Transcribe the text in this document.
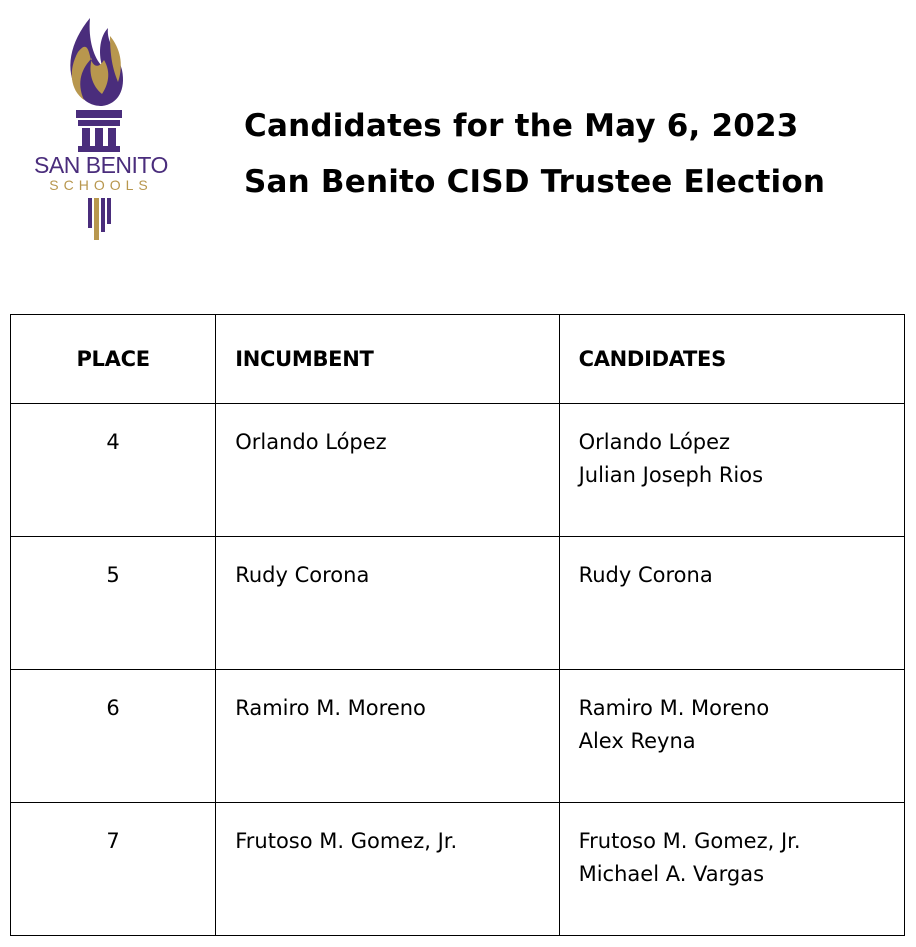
SAN BENITO
SCHOOLS
Candidates for the May 6, 2023
San Benito CISD Trustee Election
PLACE	INCUMBENT	CANDIDATES

4	Orlando López	Orlando López
Julian Joseph Rios

5	Rudy Corona	Rudy Corona

6	Ramiro M. Moreno	Ramiro M. Moreno
Alex Reyna

7	Frutoso M. Gomez, Jr.	Frutoso M. Gomez, Jr.
Michael A. Vargas
